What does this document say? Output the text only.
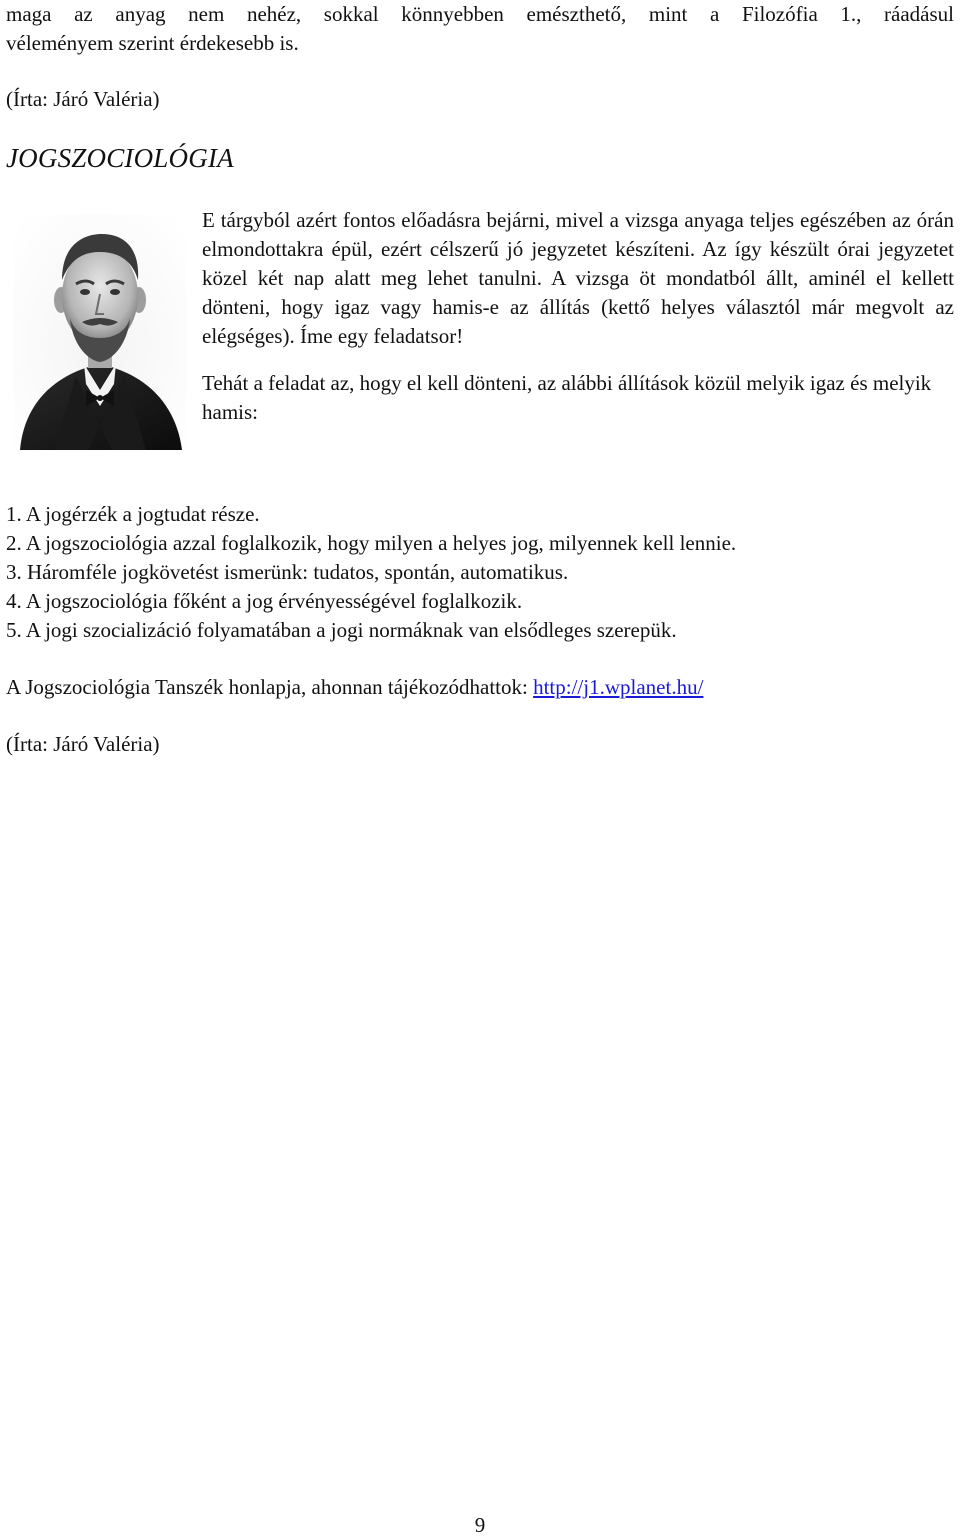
maga az anyag nem nehéz, sokkal könnyebben emészthető, mint a Filozófia 1., ráadásul

véleményem szerint érdekesebb is.

(Írta: Járó Valéria)
JOGSZOCIOLÓGIA

E tárgyból azért fontos előadásra bejárni, mivel a vizsga anyaga teljes egészében az órán elmondottakra épül, ezért célszerű jó jegyzetet készíteni. Az így készült órai jegyzetet közel két nap alatt meg lehet tanulni. A vizsga öt mondatból állt, aminél el kellett dönteni, hogy igaz vagy hamis-e az állítás (kettő helyes választól már megvolt az elégséges). Íme egy feladatsor!

Tehát a feladat az, hogy el kell dönteni, az alábbi állítások közül melyik igaz és melyik hamis:

1. A jogérzék a jogtudat része.
2. A jogszociológia azzal foglalkozik, hogy milyen a helyes jog, milyennek kell lennie.
3. Háromféle jogkövetést ismerünk: tudatos, spontán, automatikus.
4. A jogszociológia főként a jog érvényességével foglalkozik.
5. A jogi szocializáció folyamatában a jogi normáknak van elsődleges szerepük.
A Jogszociológia Tanszék honlapja, ahonnan tájékozódhattok: http://j1.wplanet.hu/
(Írta: Járó Valéria)
9
